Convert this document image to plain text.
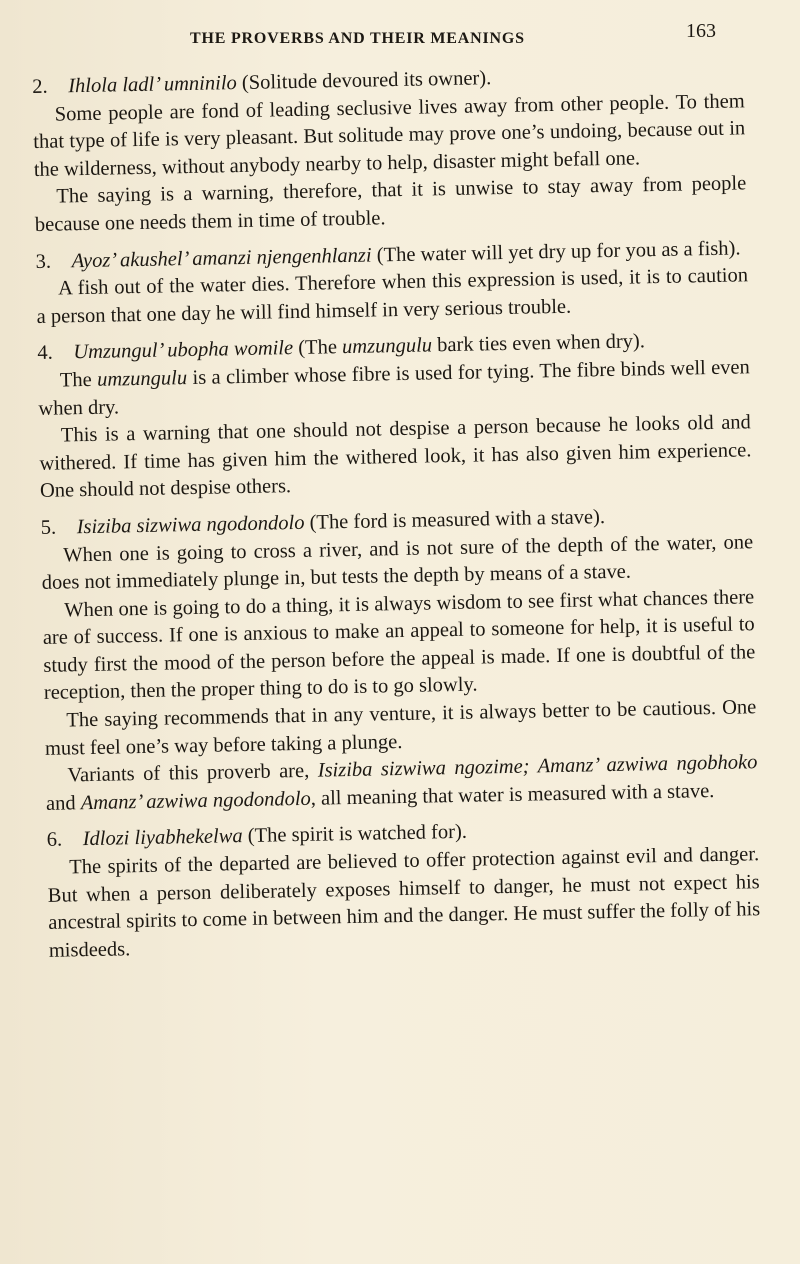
THE PROVERBS AND THEIR MEANINGS	163

2. Ihlola ladl’ umninilo (Solitude devoured its owner).

Some people are fond of leading seclusive lives away from other people. To them that type of life is very pleasant. But solitude may prove one’s undoing, because out in the wilderness, without anybody nearby to help, disaster might befall one.

The saying is a warning, therefore, that it is unwise to stay away from people because one needs them in time of trouble.

3. Ayoz’ akushel’ amanzi njengenhlanzi (The water will yet dry up for you as a fish).

A fish out of the water dies. Therefore when this expression is used, it is to caution a person that one day he will find himself in very serious trouble.

4. Umzungul’ ubopha womile (The umzungulu bark ties even when dry).

The umzungulu is a climber whose fibre is used for tying. The fibre binds well even when dry.

This is a warning that one should not despise a person because he looks old and withered. If time has given him the withered look, it has also given him experience. One should not despise others.

5. Isiziba sizwiwa ngodondolo (The ford is measured with a stave).

When one is going to cross a river, and is not sure of the depth of the water, one does not immediately plunge in, but tests the depth by means of a stave.

When one is going to do a thing, it is always wisdom to see first what chances there are of success. If one is anxious to make an appeal to someone for help, it is useful to study first the mood of the person before the appeal is made. If one is doubtful of the reception, then the proper thing to do is to go slowly.

The saying recommends that in any venture, it is always better to be cautious. One must feel one’s way before taking a plunge.

Variants of this proverb are, Isiziba sizwiwa ngozime; Amanz’ azwiwa ngobhoko and Amanz’ azwiwa ngodondolo, all meaning that water is measured with a stave.

6. Idlozi liyabhekelwa (The spirit is watched for).

The spirits of the departed are believed to offer protection against evil and danger. But when a person deliberately exposes himself to danger, he must not expect his ancestral spirits to come in between him and the danger. He must suffer the folly of his misdeeds.
